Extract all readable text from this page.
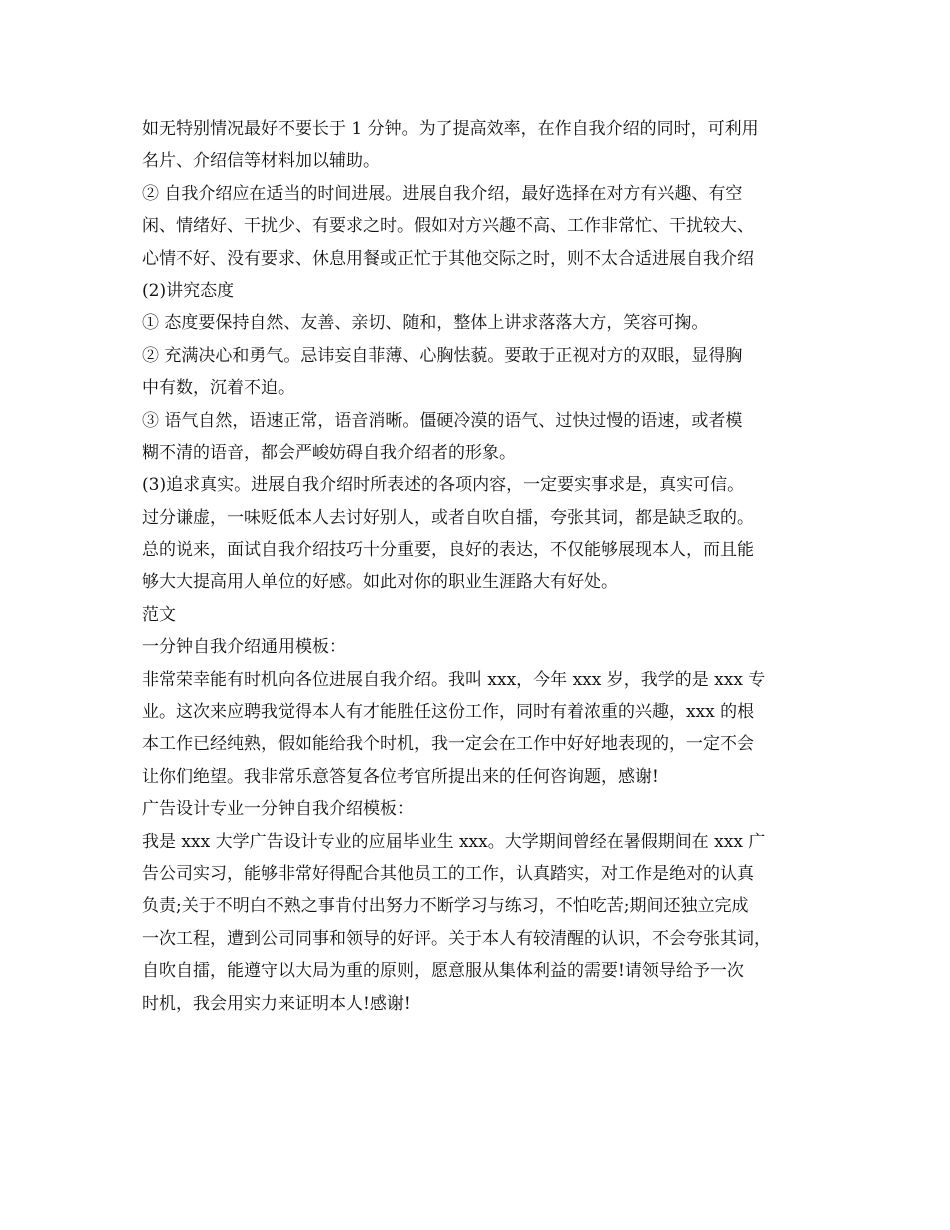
如无特别情况最好不要长于 1 分钟。为了提高效率，在作自我介绍的同时，可利用
名片、介绍信等材料加以辅助。
② 自我介绍应在适当的时间进展。进展自我介绍，最好选择在对方有兴趣、有空
闲、情绪好、干扰少、有要求之时。假如对方兴趣不高、工作非常忙、干扰较大、
心情不好、没有要求、休息用餐或正忙于其他交际之时，则不太合适进展自我介绍
(2)讲究态度
① 态度要保持自然、友善、亲切、随和，整体上讲求落落大方，笑容可掬。
② 充满决心和勇气。忌讳妄自菲薄、心胸怯藐。要敢于正视对方的双眼，显得胸
中有数，沉着不迫。
③ 语气自然，语速正常，语音消晰。僵硬冷漠的语气、过快过慢的语速，或者模
糊不清的语音，都会严峻妨碍自我介绍者的形象。
(3)追求真实。进展自我介绍时所表述的各项内容，一定要实事求是，真实可信。
过分谦虚，一味贬低本人去讨好别人，或者自吹自擂，夸张其词，都是缺乏取的。
总的说来，面试自我介绍技巧十分重要，良好的表达，不仅能够展现本人，而且能
够大大提高用人单位的好感。如此对你的职业生涯路大有好处。
范文
一分钟自我介绍通用模板：
非常荣幸能有时机向各位进展自我介绍。我叫 xxx，今年 xxx 岁，我学的是 xxx 专
业。这次来应聘我觉得本人有才能胜任这份工作，同时有着浓重的兴趣，xxx 的根
本工作已经纯熟，假如能给我个时机，我一定会在工作中好好地表现的，一定不会
让你们绝望。我非常乐意答复各位考官所提出来的任何咨询题，感谢!
广告设计专业一分钟自我介绍模板：
我是 xxx 大学广告设计专业的应届毕业生 xxx。大学期间曾经在暑假期间在 xxx 广
告公司实习，能够非常好得配合其他员工的工作，认真踏实，对工作是绝对的认真
负责;关于不明白不熟之事肯付出努力不断学习与练习，不怕吃苦;期间还独立完成
一次工程，遭到公司同事和领导的好评。关于本人有较清醒的认识，不会夸张其词，
自吹自擂，能遵守以大局为重的原则，愿意服从集体利益的需要!请领导给予一次
时机，我会用实力来证明本人!感谢!
